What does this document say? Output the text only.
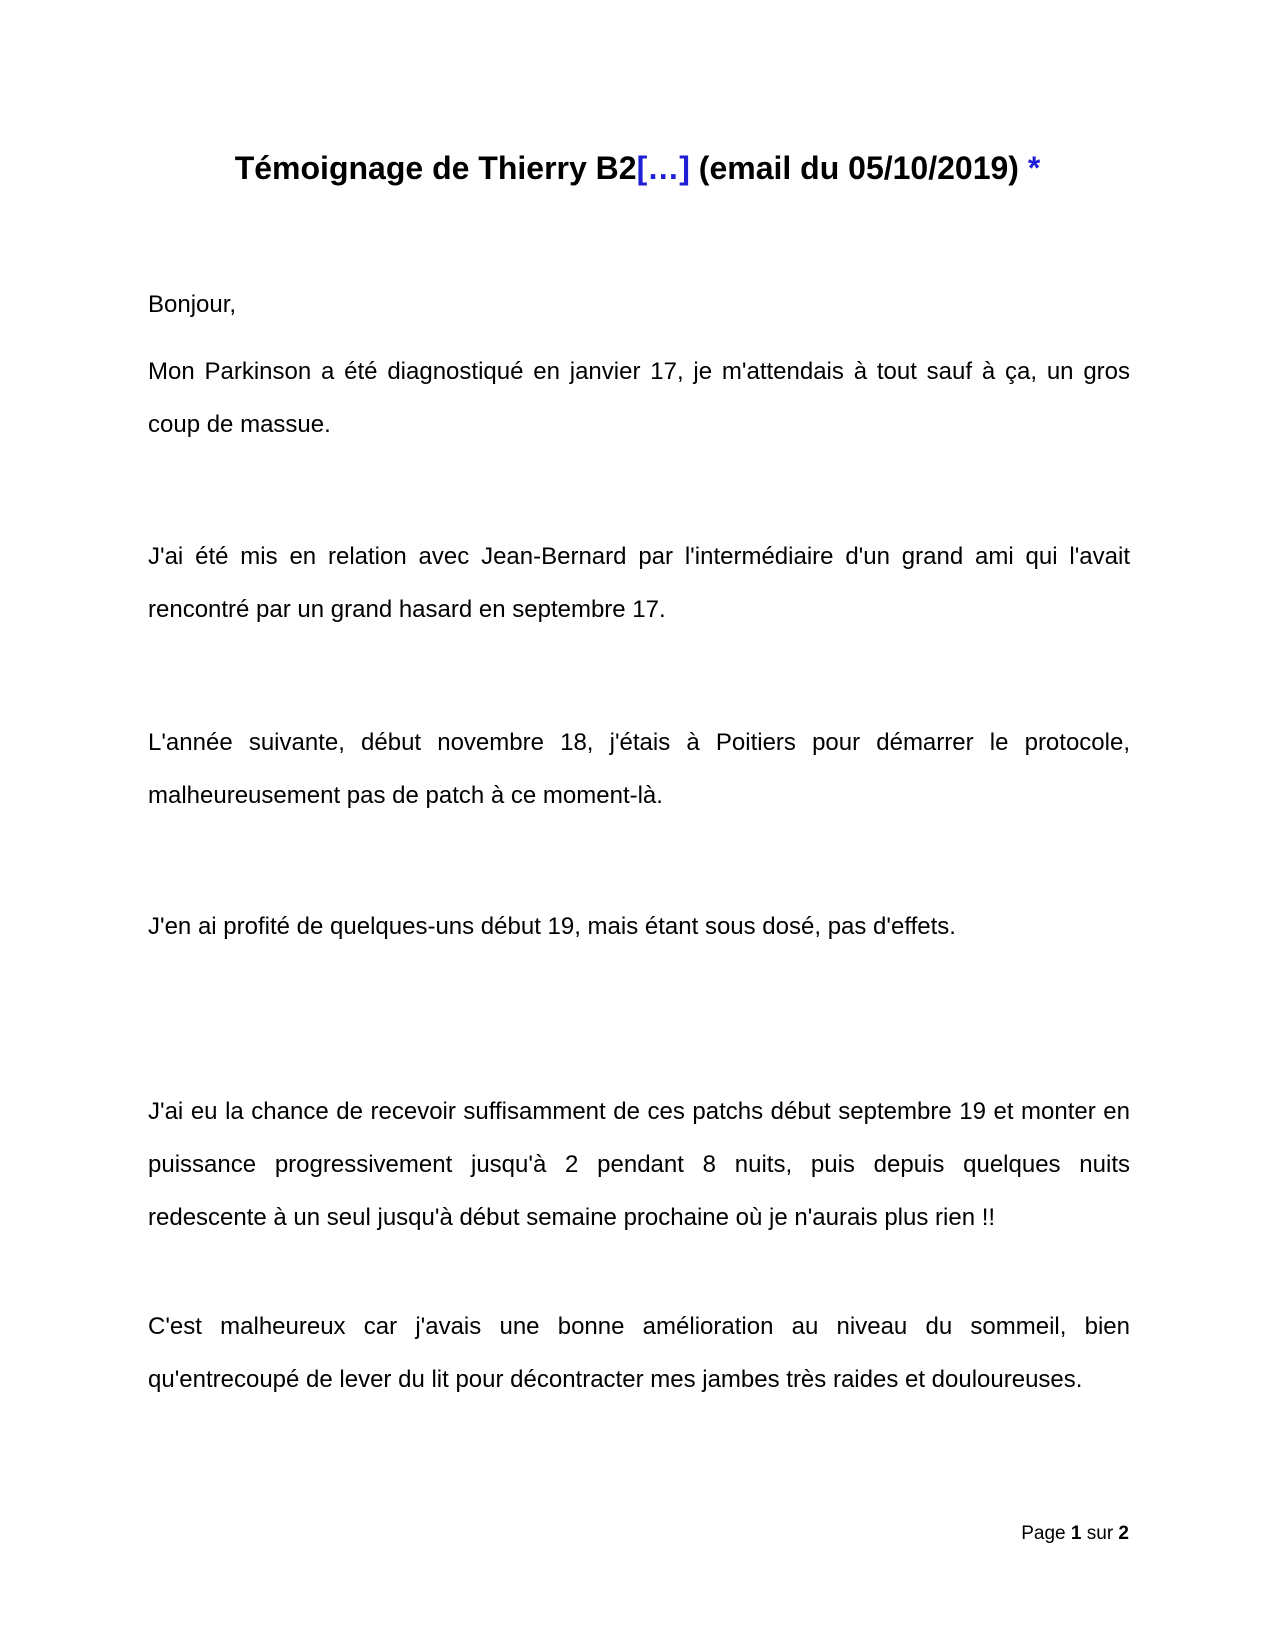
Témoignage de Thierry B2[…] (email du 05/10/2019) *

Bonjour,

Mon Parkinson a été diagnostiqué en janvier 17, je m'attendais à tout sauf à ça, un gros coup de massue.

J'ai été mis en relation avec Jean-Bernard par l'intermédiaire d'un grand ami qui l'avait rencontré par un grand hasard en septembre 17.

L'année suivante, début novembre 18, j'étais à Poitiers pour démarrer le protocole, malheureusement pas de patch à ce moment-là.

J'en ai profité de quelques-uns début 19, mais étant sous dosé, pas d'effets.

J'ai eu la chance de recevoir suffisamment de ces patchs début septembre 19 et monter en puissance progressivement jusqu'à 2 pendant 8 nuits, puis depuis quelques nuits redescente à un seul jusqu'à début semaine prochaine où je n'aurais plus rien !!

C'est malheureux car j'avais une bonne amélioration au niveau du sommeil, bien qu'entrecoupé de lever du lit pour décontracter mes jambes très raides et douloureuses.

Page 1 sur 2
